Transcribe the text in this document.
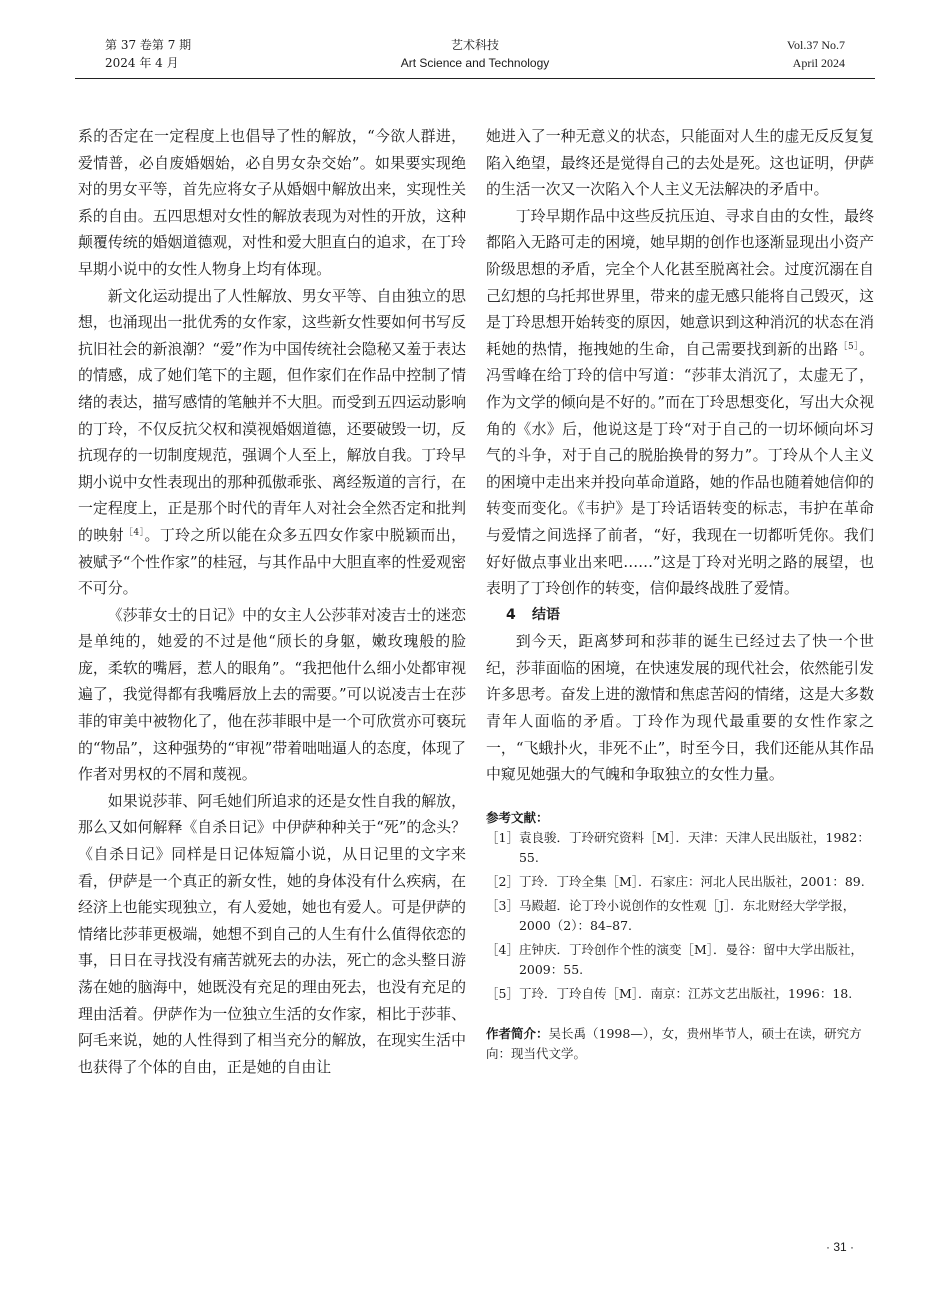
第 37 卷第 7 期
2024 年 4 月
艺术科技
Art Science and Technology
Vol.37 No.7
April 2024

系的否定在一定程度上也倡导了性的解放，“今欲人群进，爱情普，必自废婚姻始，必自男女杂交始”。如果要实现绝对的男女平等，首先应将女子从婚姻中解放出来，实现性关系的自由。五四思想对女性的解放表现为对性的开放，这种颠覆传统的婚姻道德观，对性和爱大胆直白的追求，在丁玲早期小说中的女性人物身上均有体现。

新文化运动提出了人性解放、男女平等、自由独立的思想，也涌现出一批优秀的女作家，这些新女性要如何书写反抗旧社会的新浪潮？“爱”作为中国传统社会隐秘又羞于表达的情感，成了她们笔下的主题，但作家们在作品中控制了情绪的表达，描写感情的笔触并不大胆。而受到五四运动影响的丁玲，不仅反抗父权和漠视婚姻道德，还要破毁一切，反抗现存的一切制度规范，强调个人至上，解放自我。丁玲早期小说中女性表现出的那种孤傲乖张、离经叛道的言行，在一定程度上，正是那个时代的青年人对社会全然否定和批判的映射$^{[4]}$。丁玲之所以能在众多五四女作家中脱颖而出，被赋予“个性作家”的桂冠，与其作品中大胆直率的性爱观密不可分。

《莎菲女士的日记》中的女主人公莎菲对凌吉士的迷恋是单纯的，她爱的不过是他“颀长的身躯，嫩玫瑰般的脸庞，柔软的嘴唇，惹人的眼角”。“我把他什么细小处都审视遍了，我觉得都有我嘴唇放上去的需要。”可以说凌吉士在莎菲的审美中被物化了，他在莎菲眼中是一个可欣赏亦可亵玩的“物品”，这种强势的“审视”带着咄咄逼人的态度，体现了作者对男权的不屑和蔑视。

如果说莎菲、阿毛她们所追求的还是女性自我的解放，那么又如何解释《自杀日记》中伊萨种种关于“死”的念头？《自杀日记》同样是日记体短篇小说，从日记里的文字来看，伊萨是一个真正的新女性，她的身体没有什么疾病，在经济上也能实现独立，有人爱她，她也有爱人。可是伊萨的情绪比莎菲更极端，她想不到自己的人生有什么值得依恋的事，日日在寻找没有痛苦就死去的办法，死亡的念头整日游荡在她的脑海中，她既没有充足的理由死去，也没有充足的理由活着。伊萨作为一位独立生活的女作家，相比于莎菲、阿毛来说，她的人性得到了相当充分的解放，在现实生活中也获得了个体的自由，正是她的自由让

她进入了一种无意义的状态，只能面对人生的虚无反反复复陷入绝望，最终还是觉得自己的去处是死。这也证明，伊萨的生活一次又一次陷入个人主义无法解决的矛盾中。

丁玲早期作品中这些反抗压迫、寻求自由的女性，最终都陷入无路可走的困境，她早期的创作也逐渐显现出小资产阶级思想的矛盾，完全个人化甚至脱离社会。过度沉溺在自己幻想的乌托邦世界里，带来的虚无感只能将自己毁灭，这是丁玲思想开始转变的原因，她意识到这种消沉的状态在消耗她的热情，拖拽她的生命，自己需要找到新的出路$^{[5]}$。冯雪峰在给丁玲的信中写道：“莎菲太消沉了，太虚无了，作为文学的倾向是不好的。”而在丁玲思想变化，写出大众视角的《水》后，他说这是丁玲“对于自己的一切坏倾向坏习气的斗争，对于自己的脱胎换骨的努力”。丁玲从个人主义的困境中走出来并投向革命道路，她的作品也随着她信仰的转变而变化。《韦护》是丁玲话语转变的标志，韦护在革命与爱情之间选择了前者，“好，我现在一切都听凭你。我们好好做点事业出来吧……”这是丁玲对光明之路的展望，也表明了丁玲创作的转变，信仰最终战胜了爱情。

4 结语

到今天，距离梦珂和莎菲的诞生已经过去了快一个世纪，莎菲面临的困境，在快速发展的现代社会，依然能引发许多思考。奋发上进的激情和焦虑苦闷的情绪，这是大多数青年人面临的矛盾。丁玲作为现代最重要的女性作家之一，“飞蛾扑火，非死不止”，时至今日，我们还能从其作品中窥见她强大的气魄和争取独立的女性力量。

参考文献：
［1］ 袁良骏．丁玲研究资料［M］．天津：天津人民出版社，1982：55.
［2］ 丁玲．丁玲全集［M］．石家庄：河北人民出版社，2001：89.
［3］ 马殿超．论丁玲小说创作的女性观［J］．东北财经大学学报，2000（2）：84–87.
［4］ 庄钟庆．丁玲创作个性的演变［M］．曼谷：留中大学出版社，2009：55.
［5］ 丁玲．丁玲自传［M］．南京：江苏文艺出版社，1996：18.
作者简介：吴长禹（1998—），女，贵州毕节人，硕士在读，研究方向：现当代文学。
· 31 ·
